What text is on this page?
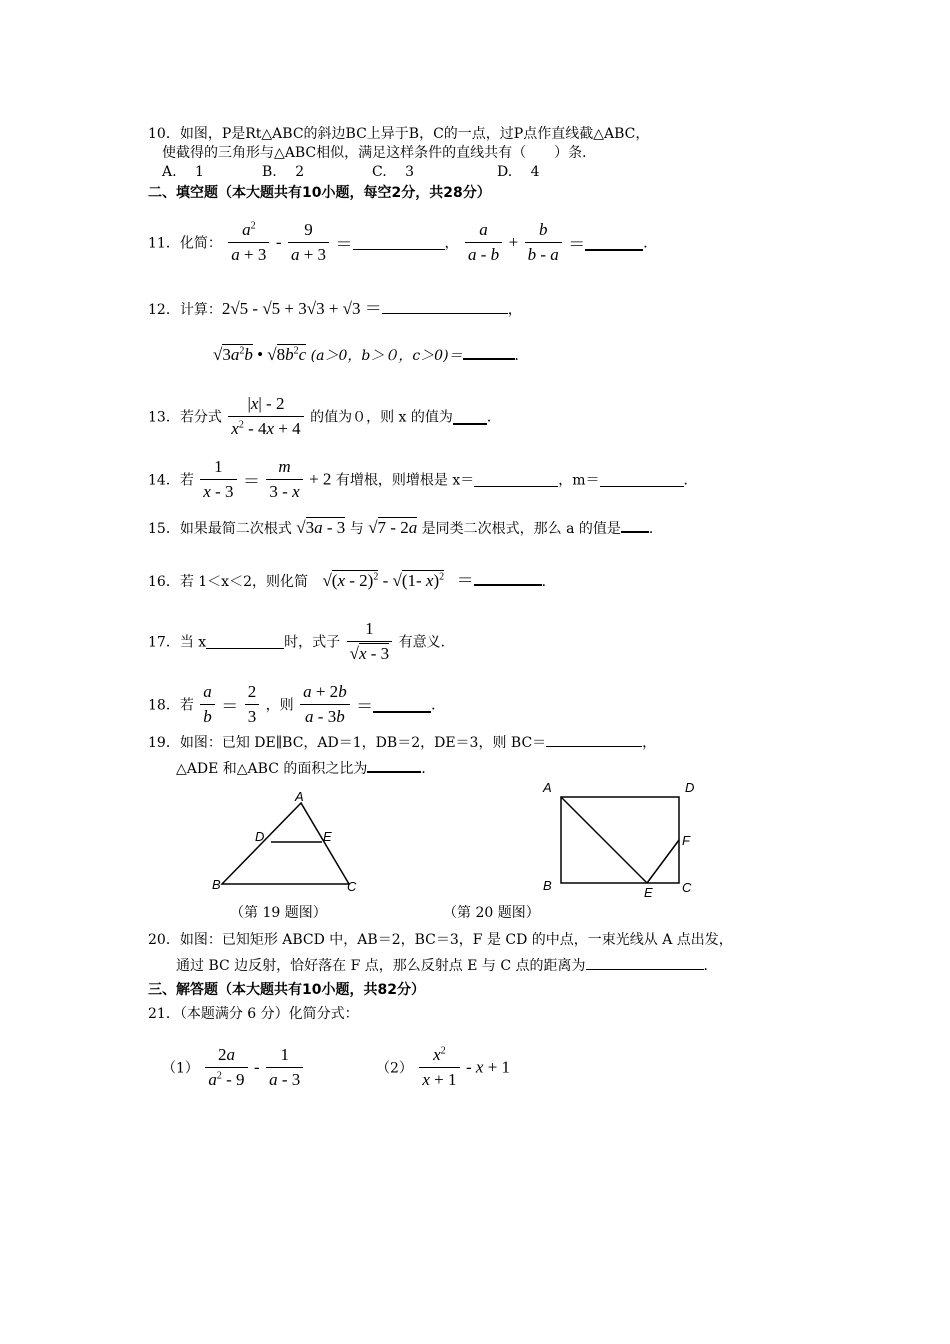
10．如图，P是Rt△ABC的斜边BC上异于B，C的一点，过P点作直线截△ABC，
使截得的三角形与△ABC相似，满足这样条件的直线共有（　　）条．
A.　 1	B.　 2	C.　 3	D.　 4
二、填空题（本大题共有10小题，每空2分，共28分）
11．化简： $\frac{a^2}{a + 3} - \frac{9}{a + 3}$ ＝	， $\frac{a}{a - b} + \frac{b}{b - a}$ ＝	．
12．计算：2√5 - √5 + 3√3 + √3 ＝	，
$√3a^2b$ • $√8b^2c$ (a＞0，b＞０，c＞0)＝	．
13．若分式 $\frac{|x| - 2}{x^2 - 4x + 4}$ 的值为０，则 x 的值为 ．
14．若 $\frac{1}{x - 3} = \frac{m}{3 - x} + 2$ 有增根，则增根是 x＝	，m＝	．
15．如果最简二次根式 √3a - 3 与 √7 - 2a 是同类二次根式，那么 a 的值是 ．
16．若 1＜x＜2，则化简 √(x - 2)$^2$ - √(1- x)$^2$ ＝	．
17．当 x	时，式子 $\frac{1}{√x - 3}$ 有意义．
18．若 $\frac{a}{b} = \frac{2}{3}$ ，则 $\frac{a + 2b}{a - 3b}$ ＝	．
19．如图：已知 DE∥BC，AD＝1，DB＝2，DE＝3，则 BC＝	，
△ADE 和△ABC 的面积之比为	．
A
D	E
B	C
（第 19 题图）
A	D
F
B	E C
（第 20 题图）
20．如图：已知矩形 ABCD 中，AB＝2，BC＝3，F 是 CD 的中点，一束光线从 A 点出发，
通过 BC 边反射，恰好落在 F 点，那么反射点 E 与 C 点的距离为	．
三、解答题（本大题共有10小题，共82分）
21．（本题满分 6 分）化简分式：
$(1) \frac{2a}{a^2 - 9} - \frac{1}{a - 3}$	$(2) \frac{x^2}{x + 1} - x + 1$
